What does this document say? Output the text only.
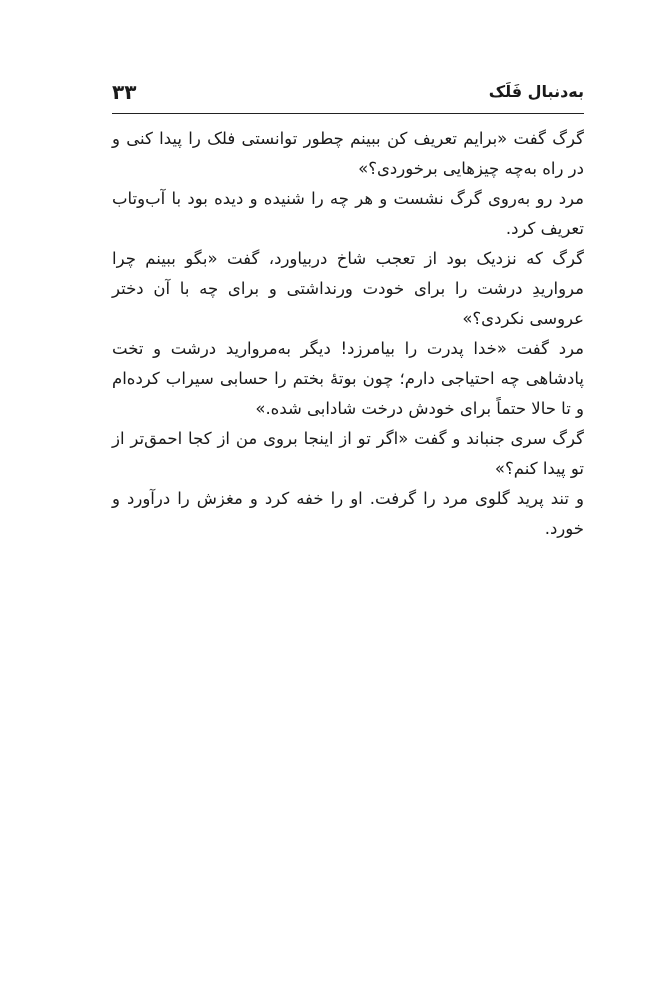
به‌دنبال فَلَک
۳۳

گرگ گفت «برایم تعریف کن ببینم چطور توانستی فلک را پیدا کنی و در راه به‌چه چیزهایی برخوردی؟»

مرد رو به‌روی گرگ نشست و هر چه را شنیده و دیده بود با آب‌وتاب تعریف کرد.

گرگ که نزدیک بود از تعجب شاخ دربیاورد، گفت «بگو ببینم چرا مرواریدِ درشت را برای خودت ورنداشتی و برای چه با آن دختر عروسی نکردی؟»

مرد گفت «خدا پدرت را بیامرزد! دیگر به‌مروارید درشت و تخت پادشاهی چه احتیاجی دارم؛ چون بوتهٔ بختم را حسابی سیراب کرده‌ام و تا حالا حتماً برای خودش درخت شادابی شده.»

گرگ سری جنباند و گفت «اگر تو از اینجا بروی من از کجا احمق‌تر از تو پیدا کنم؟»

و تند پرید گلوی مرد را گرفت. او را خفه کرد و مغزش را درآورد و خورد.
